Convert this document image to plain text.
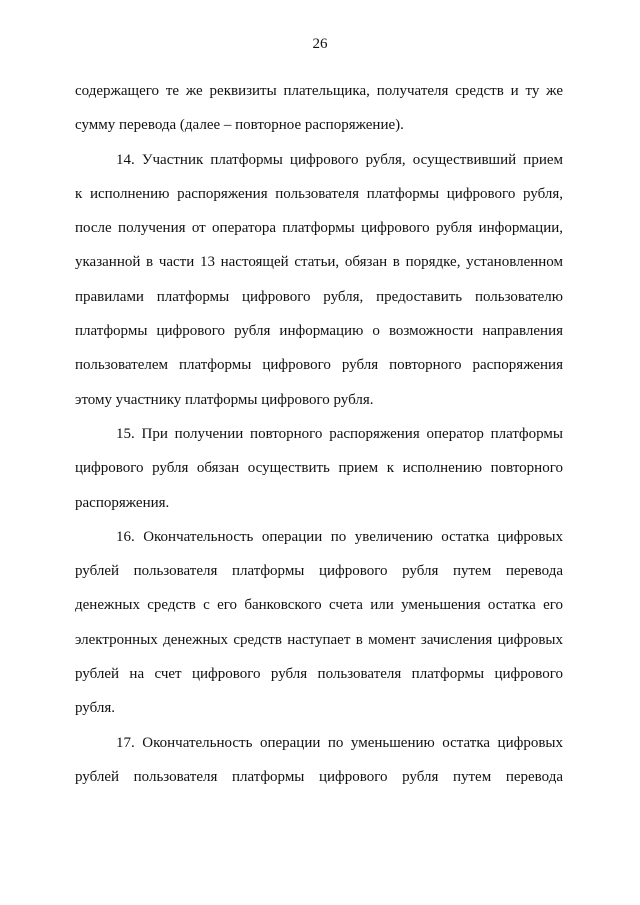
26
содержащего те же реквизиты плательщика, получателя средств и ту же
сумму перевода (далее – повторное распоряжение).
14. Участник платформы цифрового рубля, осуществивший прием
к исполнению распоряжения пользователя платформы цифрового рубля,
после получения от оператора платформы цифрового рубля информации,
указанной в части 13 настоящей статьи, обязан в порядке, установленном
правилами платформы цифрового рубля, предоставить пользователю
платформы цифрового рубля информацию о возможности направления
пользователем платформы цифрового рубля повторного распоряжения
этому участнику платформы цифрового рубля.
15. При получении повторного распоряжения оператор платформы
цифрового рубля обязан осуществить прием к исполнению повторного
распоряжения.
16. Окончательность операции по увеличению остатка цифровых
рублей пользователя платформы цифрового рубля путем перевода
денежных средств с его банковского счета или уменьшения остатка его
электронных денежных средств наступает в момент зачисления цифровых
рублей на счет цифрового рубля пользователя платформы цифрового
рубля.
17. Окончательность операции по уменьшению остатка цифровых
рублей пользователя платформы цифрового рубля путем перевода
